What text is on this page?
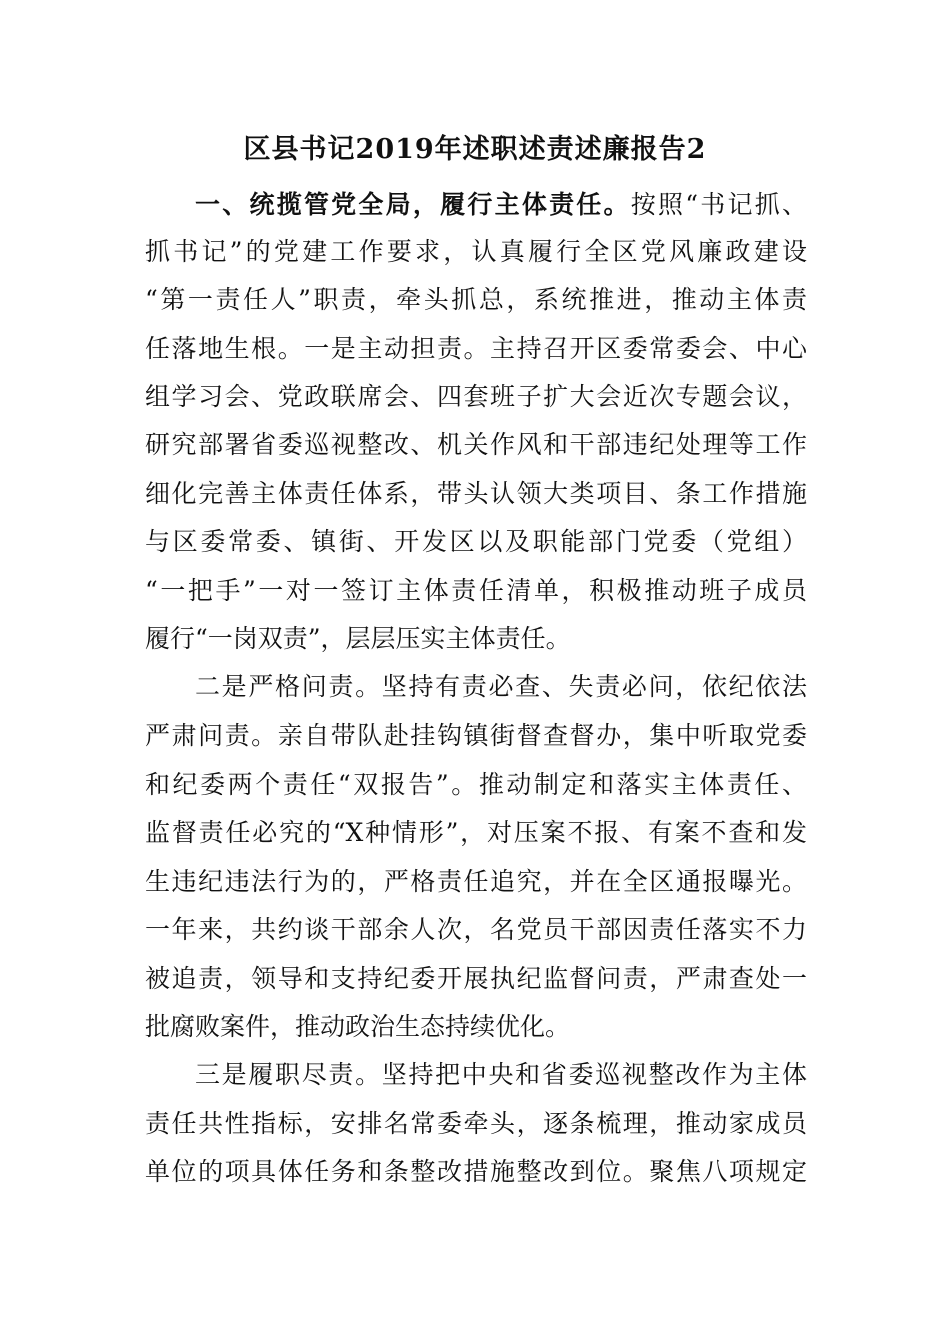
区县书记2019年述职述责述廉报告2
一、统揽管党全局，履行主体责任。按照“书记抓、
抓书记”的党建工作要求，认真履行全区党风廉政建设
“第一责任人”职责，牵头抓总，系统推进，推动主体责
任落地生根。一是主动担责。主持召开区委常委会、中心
组学习会、党政联席会、四套班子扩大会近次专题会议，
研究部署省委巡视整改、机关作风和干部违纪处理等工作
细化完善主体责任体系，带头认领大类项目、条工作措施
与区委常委、镇街、开发区以及职能部门党委（党组）
“一把手”一对一签订主体责任清单，积极推动班子成员
履行“一岗双责”，层层压实主体责任。
二是严格问责。坚持有责必查、失责必问，依纪依法
严肃问责。亲自带队赴挂钩镇街督查督办，集中听取党委
和纪委两个责任“双报告”。推动制定和落实主体责任、
监督责任必究的“X种情形”，对压案不报、有案不查和发
生违纪违法行为的，严格责任追究，并在全区通报曝光。
一年来，共约谈干部余人次，名党员干部因责任落实不力
被追责，领导和支持纪委开展执纪监督问责，严肃查处一
批腐败案件，推动政治生态持续优化。
三是履职尽责。坚持把中央和省委巡视整改作为主体
责任共性指标，安排名常委牵头，逐条梳理，推动家成员
单位的项具体任务和条整改措施整改到位。聚焦八项规定
